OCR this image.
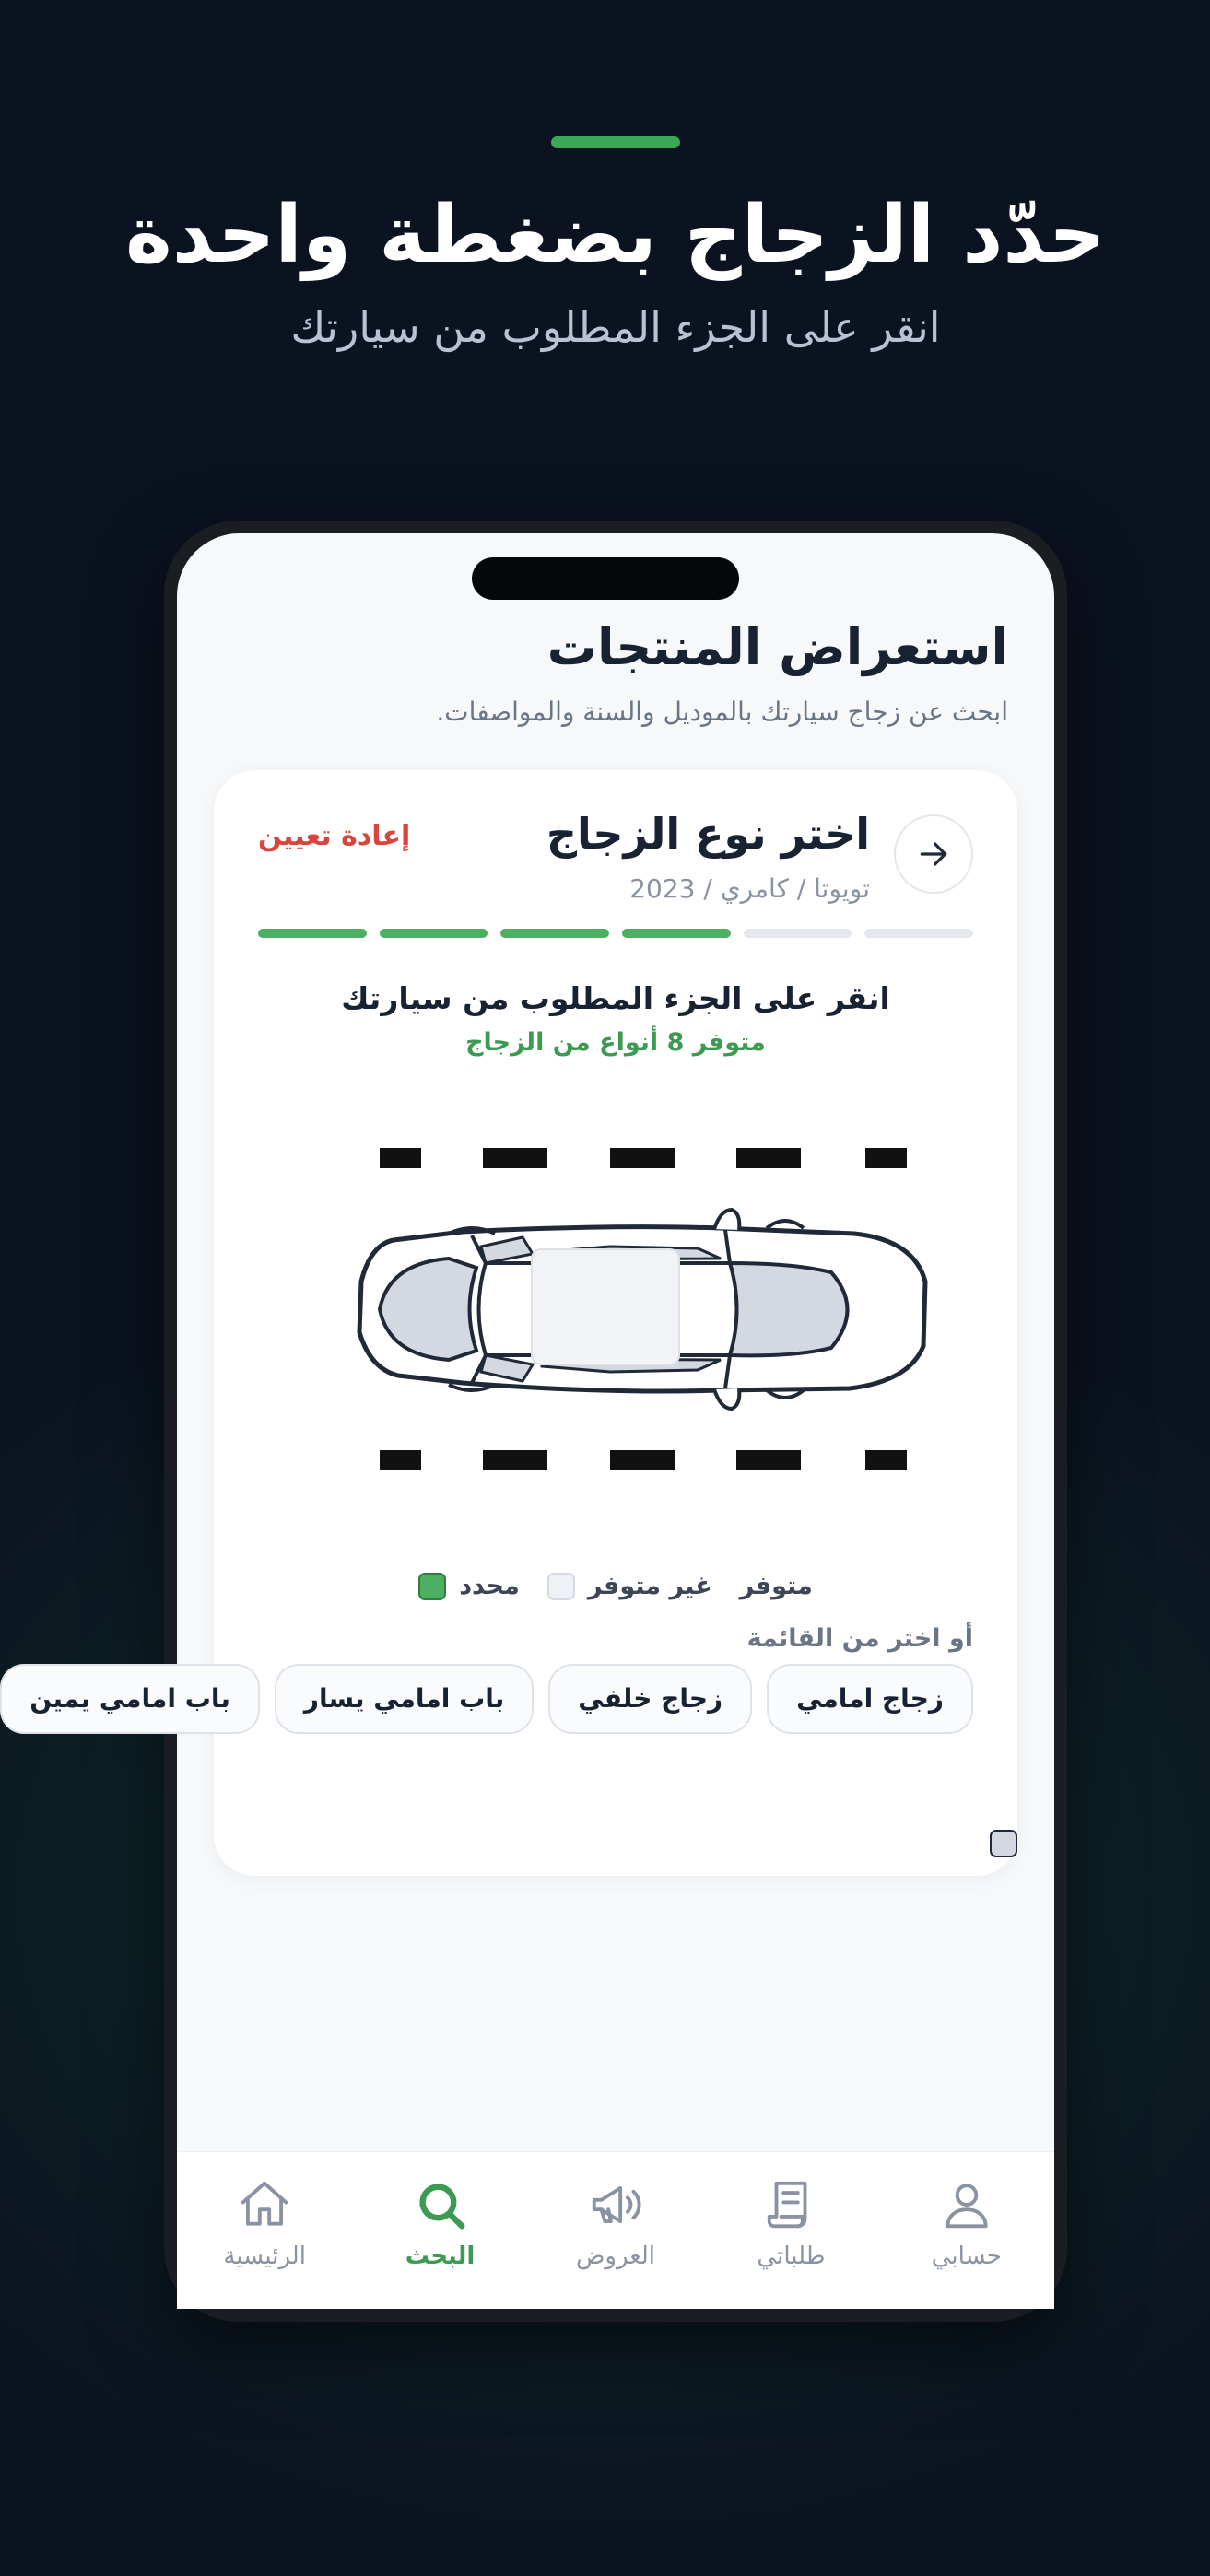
حدّد الزجاج بضغطة واحدة
انقر على الجزء المطلوب من سيارتك
استعراض المنتجات
ابحث عن زجاج سيارتك بالموديل والسنة والمواصفات.
اختر نوع الزجاج
تويوتا / كامري / 2023
إعادة تعيين
انقر على الجزء المطلوب من سيارتك
متوفر 8 أنواع من الزجاج
متوفر
غير متوفر
محدد
أو اختر من القائمة
زجاج امامي
زجاج خلفي
باب امامي يسار
باب امامي يمين
حسابي
طلباتي
العروض
البحث
الرئيسية
